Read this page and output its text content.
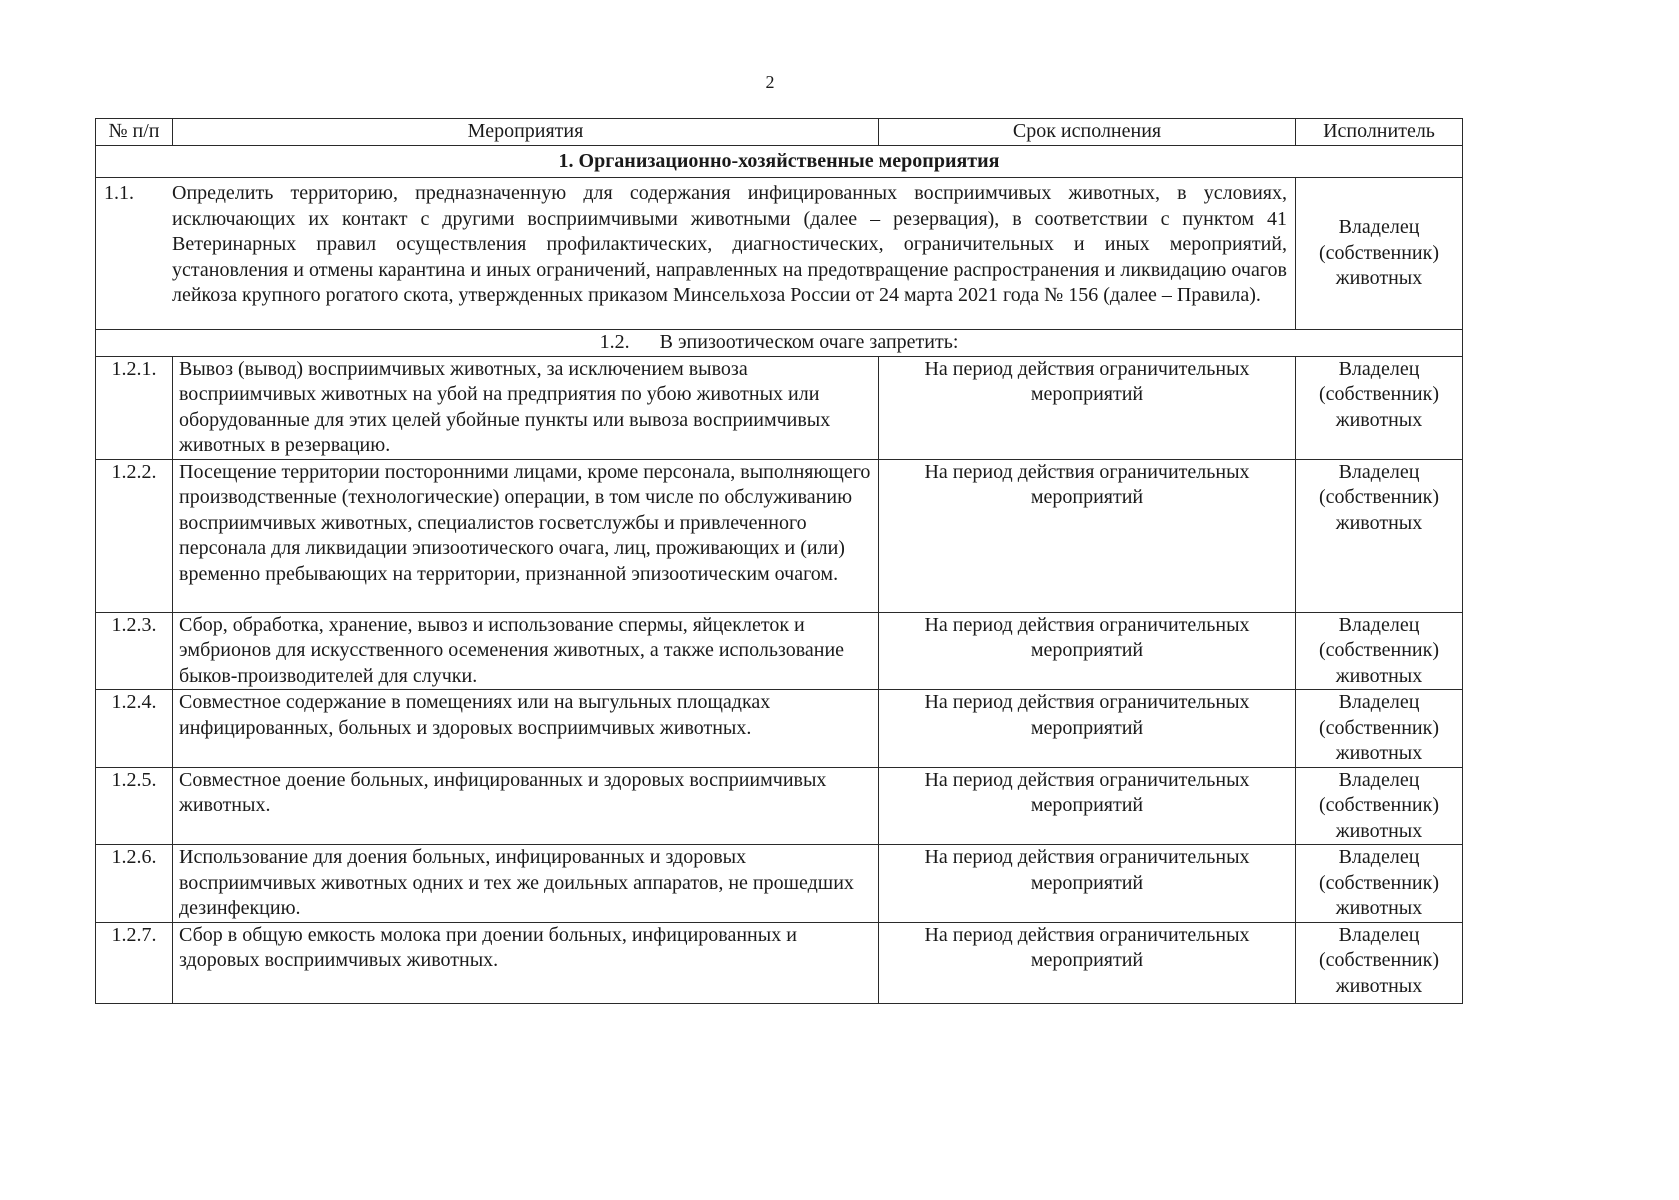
2
№ п/п	Мероприятия	Срок исполнения	Исполнитель
1. Организационно-хозяйственные мероприятия			

1.1. Определить территорию, предназначенную для содержания инфицированных восприимчивых животных, в условиях, исключающих их контакт с другими восприимчивыми животными (далее – резервация), в соответствии с пунктом 41 Ветеринарных правил осуществления профилактических, диагностических, ограничительных и иных мероприятий, установления и отмены карантина и иных ограничений, направленных на предотвращение распространения и ликвидацию очагов лейкоза крупного рогатого скота, утвержденных приказом Минсельхоза России от 24 марта 2021 года № 156 (далее – Правила).			Владелец (собственник) животных
1.2. В эпизоотическом очаге запретить:			
1.2.1.	Вывоз (вывод) восприимчивых животных, за исключением вывоза восприимчивых животных на убой на предприятия по убою животных или оборудованные для этих целей убойные пункты или вывоза восприимчивых животных в резервацию.	На период действия ограничительных мероприятий	Владелец (собственник) животных
1.2.2.	Посещение территории посторонними лицами, кроме персонала, выполняющего производственные (технологические) операции, в том числе по обслуживанию восприимчивых животных, специалистов госветслужбы и привлеченного персонала для ликвидации эпизоотического очага, лиц, проживающих и (или) временно пребывающих на территории, признанной эпизоотическим очагом.	На период действия ограничительных мероприятий	Владелец (собственник) животных
1.2.3.	Сбор, обработка, хранение, вывоз и использование спермы, яйцеклеток и эмбрионов для искусственного осеменения животных, а также использование быков-производителей для случки.	На период действия ограничительных мероприятий	Владелец (собственник) животных
1.2.4.	Совместное содержание в помещениях или на выгульных площадках инфицированных, больных и здоровых восприимчивых животных.	На период действия ограничительных мероприятий	Владелец (собственник) животных
1.2.5.	Совместное доение больных, инфицированных и здоровых восприимчивых животных.	На период действия ограничительных мероприятий	Владелец (собственник) животных
1.2.6.	Использование для доения больных, инфицированных и здоровых восприимчивых животных одних и тех же доильных аппаратов, не прошедших дезинфекцию.	На период действия ограничительных мероприятий	Владелец (собственник) животных
1.2.7.	Сбор в общую емкость молока при доении больных, инфицированных и здоровых восприимчивых животных.	На период действия ограничительных мероприятий	Владелец (собственник) животных
